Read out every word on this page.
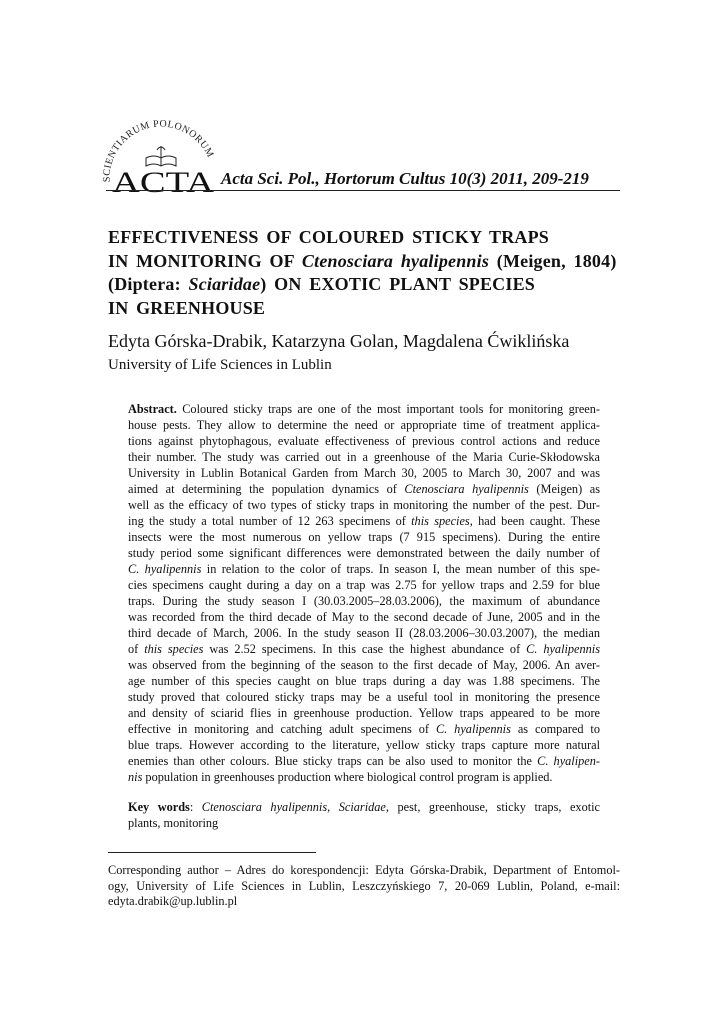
SCIENTIARUM POLONORUM
ACTA Acta Sci. Pol., Hortorum Cultus 10(3) 2011, 209-219
EFFECTIVENESS OF COLOURED STICKY TRAPS
IN MONITORING OF Ctenosciara hyalipennis (Meigen, 1804)
(Diptera: Sciaridae) ON EXOTIC PLANT SPECIES
IN GREENHOUSE
Edyta Górska-Drabik, Katarzyna Golan, Magdalena Ćwiklińska
University of Life Sciences in Lublin
Abstract. Coloured sticky traps are one of the most important tools for monitoring green-
house pests. They allow to determine the need or appropriate time of treatment applica-
tions against phytophagous, evaluate effectiveness of previous control actions and reduce
their number. The study was carried out in a greenhouse of the Maria Curie-Skłodowska
University in Lublin Botanical Garden from March 30, 2005 to March 30, 2007 and was
aimed at determining the population dynamics of Ctenosciara hyalipennis (Meigen) as
well as the efficacy of two types of sticky traps in monitoring the number of the pest. Dur-
ing the study a total number of 12 263 specimens of this species, had been caught. These
insects were the most numerous on yellow traps (7 915 specimens). During the entire
study period some significant differences were demonstrated between the daily number of
C. hyalipennis in relation to the color of traps. In season I, the mean number of this spe-
cies specimens caught during a day on a trap was 2.75 for yellow traps and 2.59 for blue
traps. During the study season I (30.03.2005–28.03.2006), the maximum of abundance
was recorded from the third decade of May to the second decade of June, 2005 and in the
third decade of March, 2006. In the study season II (28.03.2006–30.03.2007), the median
of this species was 2.52 specimens. In this case the highest abundance of C. hyalipennis
was observed from the beginning of the season to the first decade of May, 2006. An aver-
age number of this species caught on blue traps during a day was 1.88 specimens. The
study proved that coloured sticky traps may be a useful tool in monitoring the presence
and density of sciarid flies in greenhouse production. Yellow traps appeared to be more
effective in monitoring and catching adult specimens of C. hyalipennis as compared to
blue traps. However according to the literature, yellow sticky traps capture more natural
enemies than other colours. Blue sticky traps can be also used to monitor the C. hyalipen-
nis population in greenhouses production where biological control program is applied.
Key words: Ctenosciara hyalipennis, Sciaridae, pest, greenhouse, sticky traps, exotic
plants, monitoring
Corresponding author – Adres do korespondencji: Edyta Górska-Drabik, Department of Entomol-
ogy, University of Life Sciences in Lublin, Leszczyńskiego 7, 20-069 Lublin, Poland, e-mail:
edyta.drabik@up.lublin.pl
